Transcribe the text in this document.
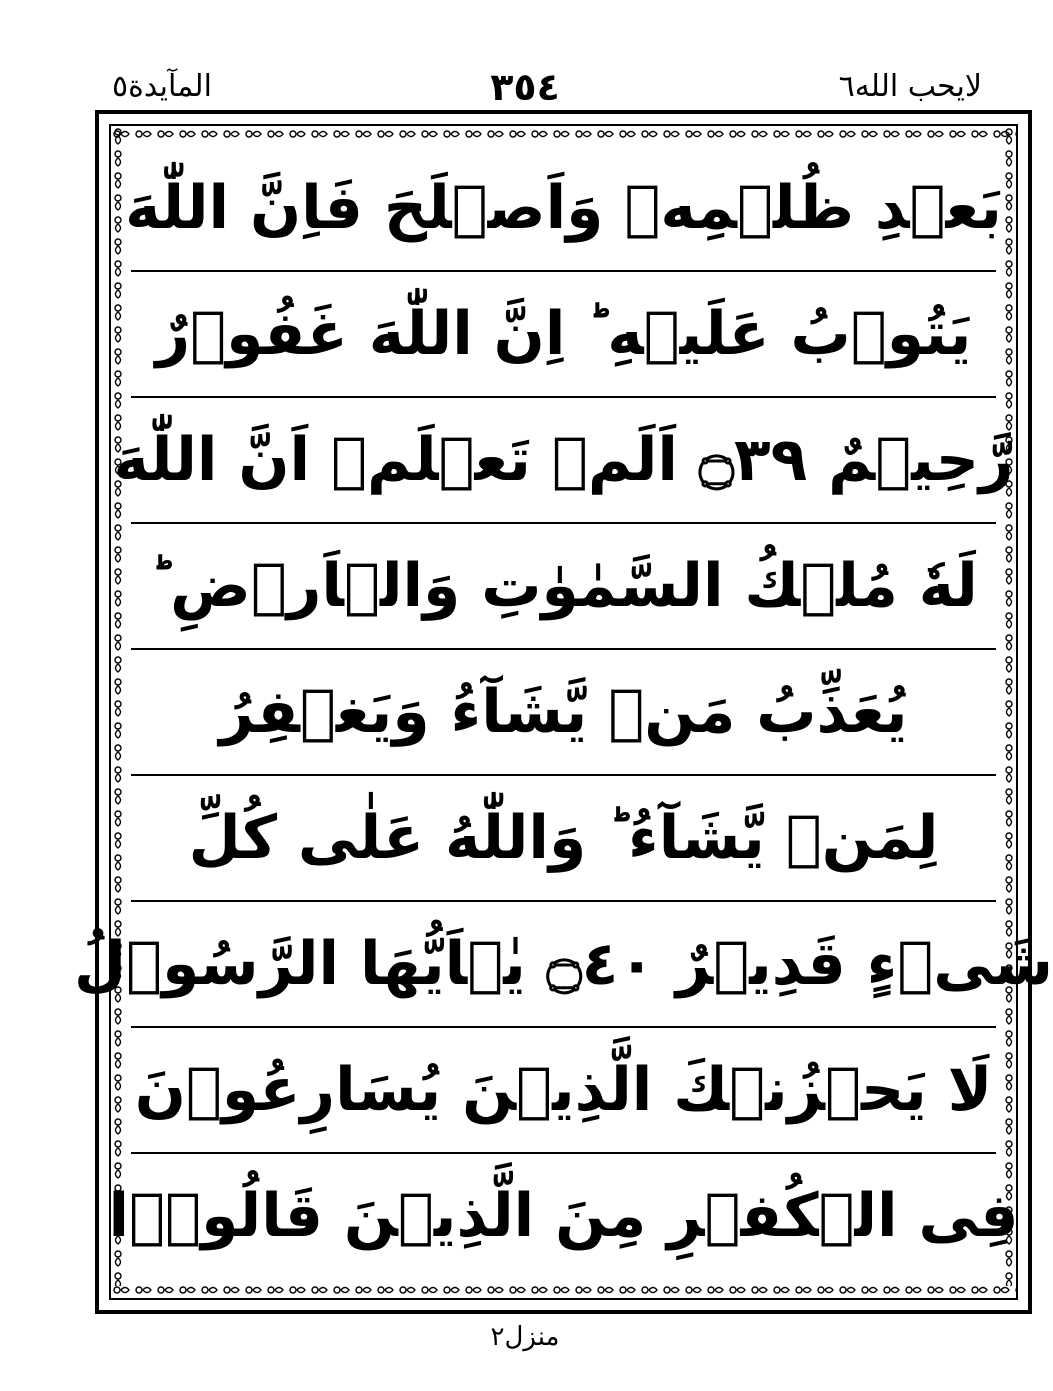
المآيدة٥	٣٥٤	لايحب الله٦
بَعۡدِ ظُلۡمِهٖ وَاَصۡلَحَ فَاِنَّ اللّٰهَ
يَتُوۡبُ عَلَيۡهِ ؕ اِنَّ اللّٰهَ غَفُوۡرٌ
رَّحِيۡمٌ ۝٣٩ اَلَمۡ تَعۡلَمۡ اَنَّ اللّٰهَ
لَهٗ مُلۡكُ السَّمٰوٰتِ وَالۡاَرۡضِ ؕ
يُعَذِّبُ مَنۡ يَّشَآءُ وَيَغۡفِرُ
لِمَنۡ يَّشَآءُ ؕ وَاللّٰهُ عَلٰى كُلِّ
شَىۡءٍ قَدِيۡرٌ ۝٤٠ يٰۤاَيُّهَا الرَّسُوۡلُ
لَا يَحۡزُنۡكَ الَّذِيۡنَ يُسَارِعُوۡنَ
فِى الۡكُفۡرِ مِنَ الَّذِيۡنَ قَالُوۡۤا
منزل٢
